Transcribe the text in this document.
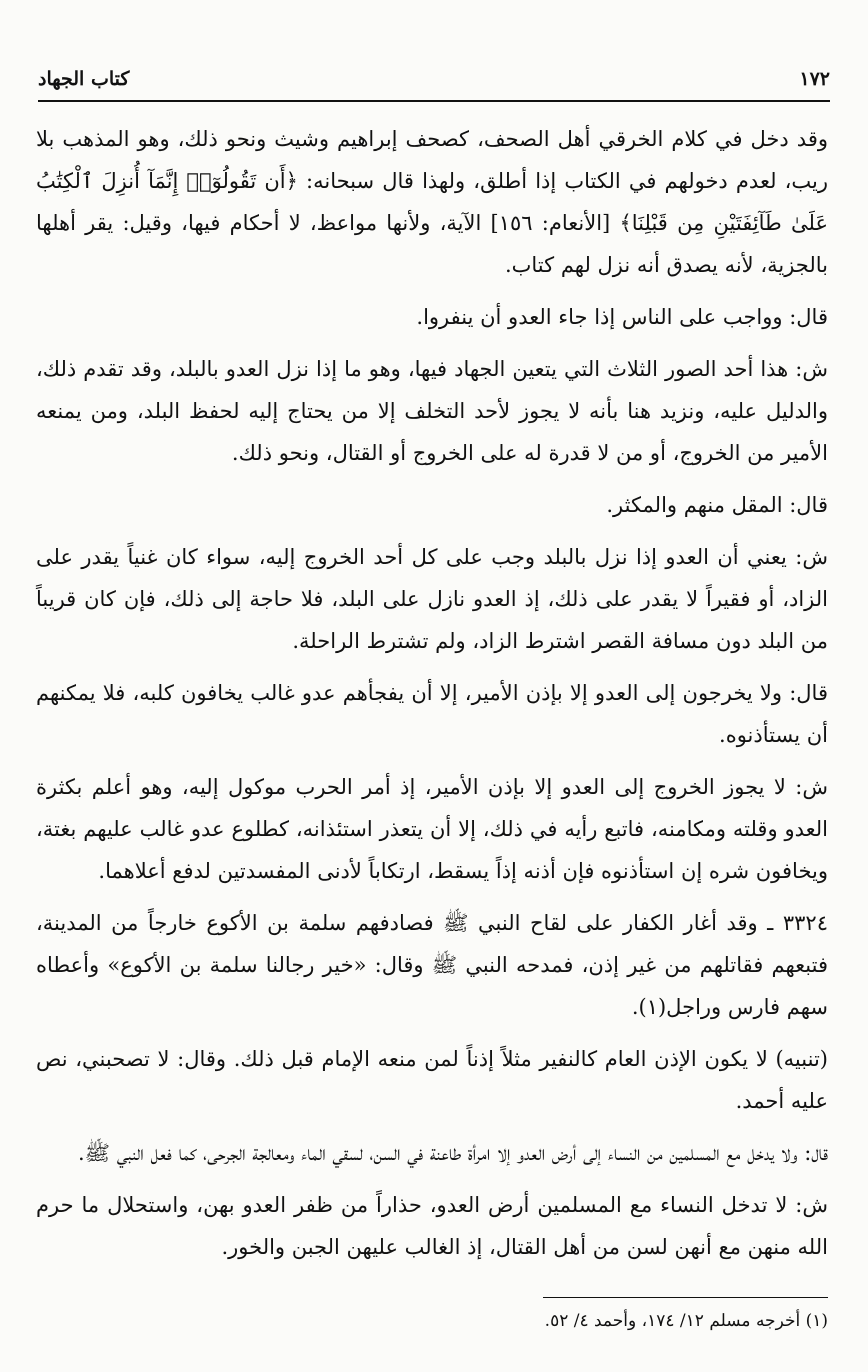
١٧٢
كتاب الجهاد

وقد دخل في كلام الخرقي أهل الصحف، كصحف إبراهيم وشيث ونحو ذلك، وهو المذهب بلا ريب، لعدم دخولهم في الكتاب إذا أطلق، ولهذا قال سبحانه: ﴿أَن تَقُولُوٓا۟ إِنَّمَآ أُنزِلَ ٱلْكِتَٰبُ عَلَىٰ طَآئِفَتَيْنِ مِن قَبْلِنَا﴾ [الأنعام: ١٥٦] الآية، ولأنها مواعظ، لا أحكام فيها، وقيل: يقر أهلها بالجزية، لأنه يصدق أنه نزل لهم كتاب.

قال: وواجب على الناس إذا جاء العدو أن ينفروا.

ش: هذا أحد الصور الثلاث التي يتعين الجهاد فيها، وهو ما إذا نزل العدو بالبلد، وقد تقدم ذلك، والدليل عليه، ونزيد هنا بأنه لا يجوز لأحد التخلف إلا من يحتاج إليه لحفظ البلد، ومن يمنعه الأمير من الخروج، أو من لا قدرة له على الخروج أو القتال، ونحو ذلك.

قال: المقل منهم والمكثر.

ش: يعني أن العدو إذا نزل بالبلد وجب على كل أحد الخروج إليه، سواء كان غنياً يقدر على الزاد، أو فقيراً لا يقدر على ذلك، إذ العدو نازل على البلد، فلا حاجة إلى ذلك، فإن كان قريباً من البلد دون مسافة القصر اشترط الزاد، ولم تشترط الراحلة.

قال: ولا يخرجون إلى العدو إلا بإذن الأمير، إلا أن يفجأهم عدو غالب يخافون كلبه، فلا يمكنهم أن يستأذنوه.

ش: لا يجوز الخروج إلى العدو إلا بإذن الأمير، إذ أمر الحرب موكول إليه، وهو أعلم بكثرة العدو وقلته ومكامنه، فاتبع رأيه في ذلك، إلا أن يتعذر استئذانه، كطلوع عدو غالب عليهم بغتة، ويخافون شره إن استأذنوه فإن أذنه إذاً يسقط، ارتكاباً لأدنى المفسدتين لدفع أعلاهما.

٣٣٢٤ ـ وقد أغار الكفار على لقاح النبي ﷺ فصادفهم سلمة بن الأكوع خارجاً من المدينة، فتبعهم فقاتلهم من غير إذن، فمدحه النبي ﷺ وقال: «خير رجالنا سلمة بن الأكوع» وأعطاه سهم فارس وراجل(١).

(تنبيه) لا يكون الإذن العام كالنفير مثلاً إذناً لمن منعه الإمام قبل ذلك. وقال: لا تصحبني، نص عليه أحمد.

قال: ولا يدخل مع المسلمين من النساء إلى أرض العدو إلا امرأة طاعنة في السن، لسقي الماء ومعالجة الجرحى، كما فعل النبي ﷺ.

ش: لا تدخل النساء مع المسلمين أرض العدو، حذاراً من ظفر العدو بهن، واستحلال ما حرم الله منهن مع أنهن لسن من أهل القتال، إذ الغالب عليهن الجبن والخور.

(١) أخرجه مسلم ١٢/ ١٧٤، وأحمد ٤/ ٥٢.
